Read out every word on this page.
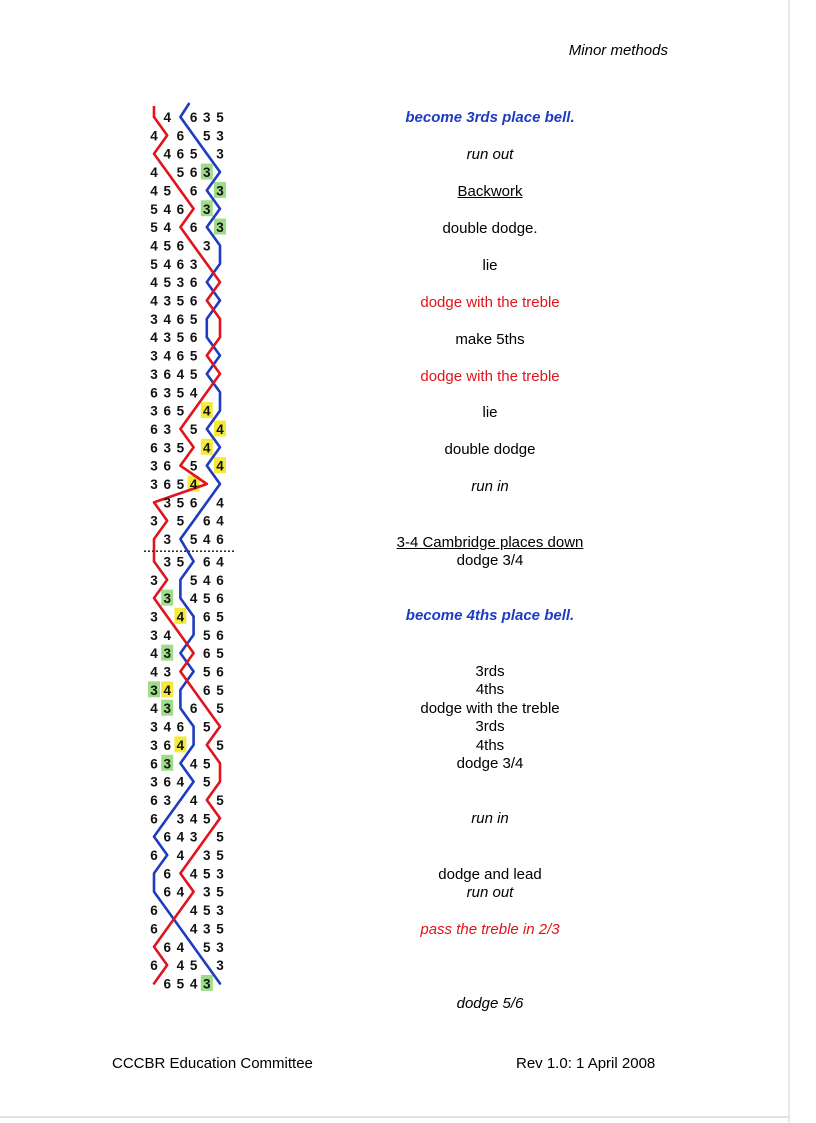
Minor methods
4 6 3 5
4 6 5 3
4 6 5 3
4 5 6 3
4 5 6 3
5 4 6 3
5 4 6 3
4 5 6 3
5 4 6 3
4 5 3 6
4 3 5 6
3 4 6 5
4 3 5 6
3 4 6 5
3 6 4 5
6 3 5 4
3 6 5 4
6 3 5 4
6 3 5 4
3 6 5 4
3 6 5 4
3 5 6 4
3 5 6 4
3 5 4 6
3 5 6 4
3 5 4 6
3 4 5 6
3 4 6 5
3 4 5 6
4 3 6 5
4 3 5 6
3 4 6 5
4 3 6 5
3 4 6 5
3 6 4 5
6 3 4 5
3 6 4 5
6 3 4 5
6 3 4 5
6 4 3 5
6 4 3 5
6 4 5 3
6 4 3 5
6 4 5 3
6 4 3 5
6 4 5 3
6 4 5 3
6 5 4 3
become 3rds place bell.
run out
Backwork
double dodge.
lie
dodge with the treble
make 5ths
dodge with the treble
lie
double dodge
run in
3-4 Cambridge places down
dodge 3/4
become 4ths place bell.
3rds
4ths
dodge with the treble
3rds
4ths
dodge 3/4
run in
dodge and lead
run out
pass the treble in 2/3
dodge 5/6
CCCBR Education Committee	Rev 1.0: 1 April 2008
